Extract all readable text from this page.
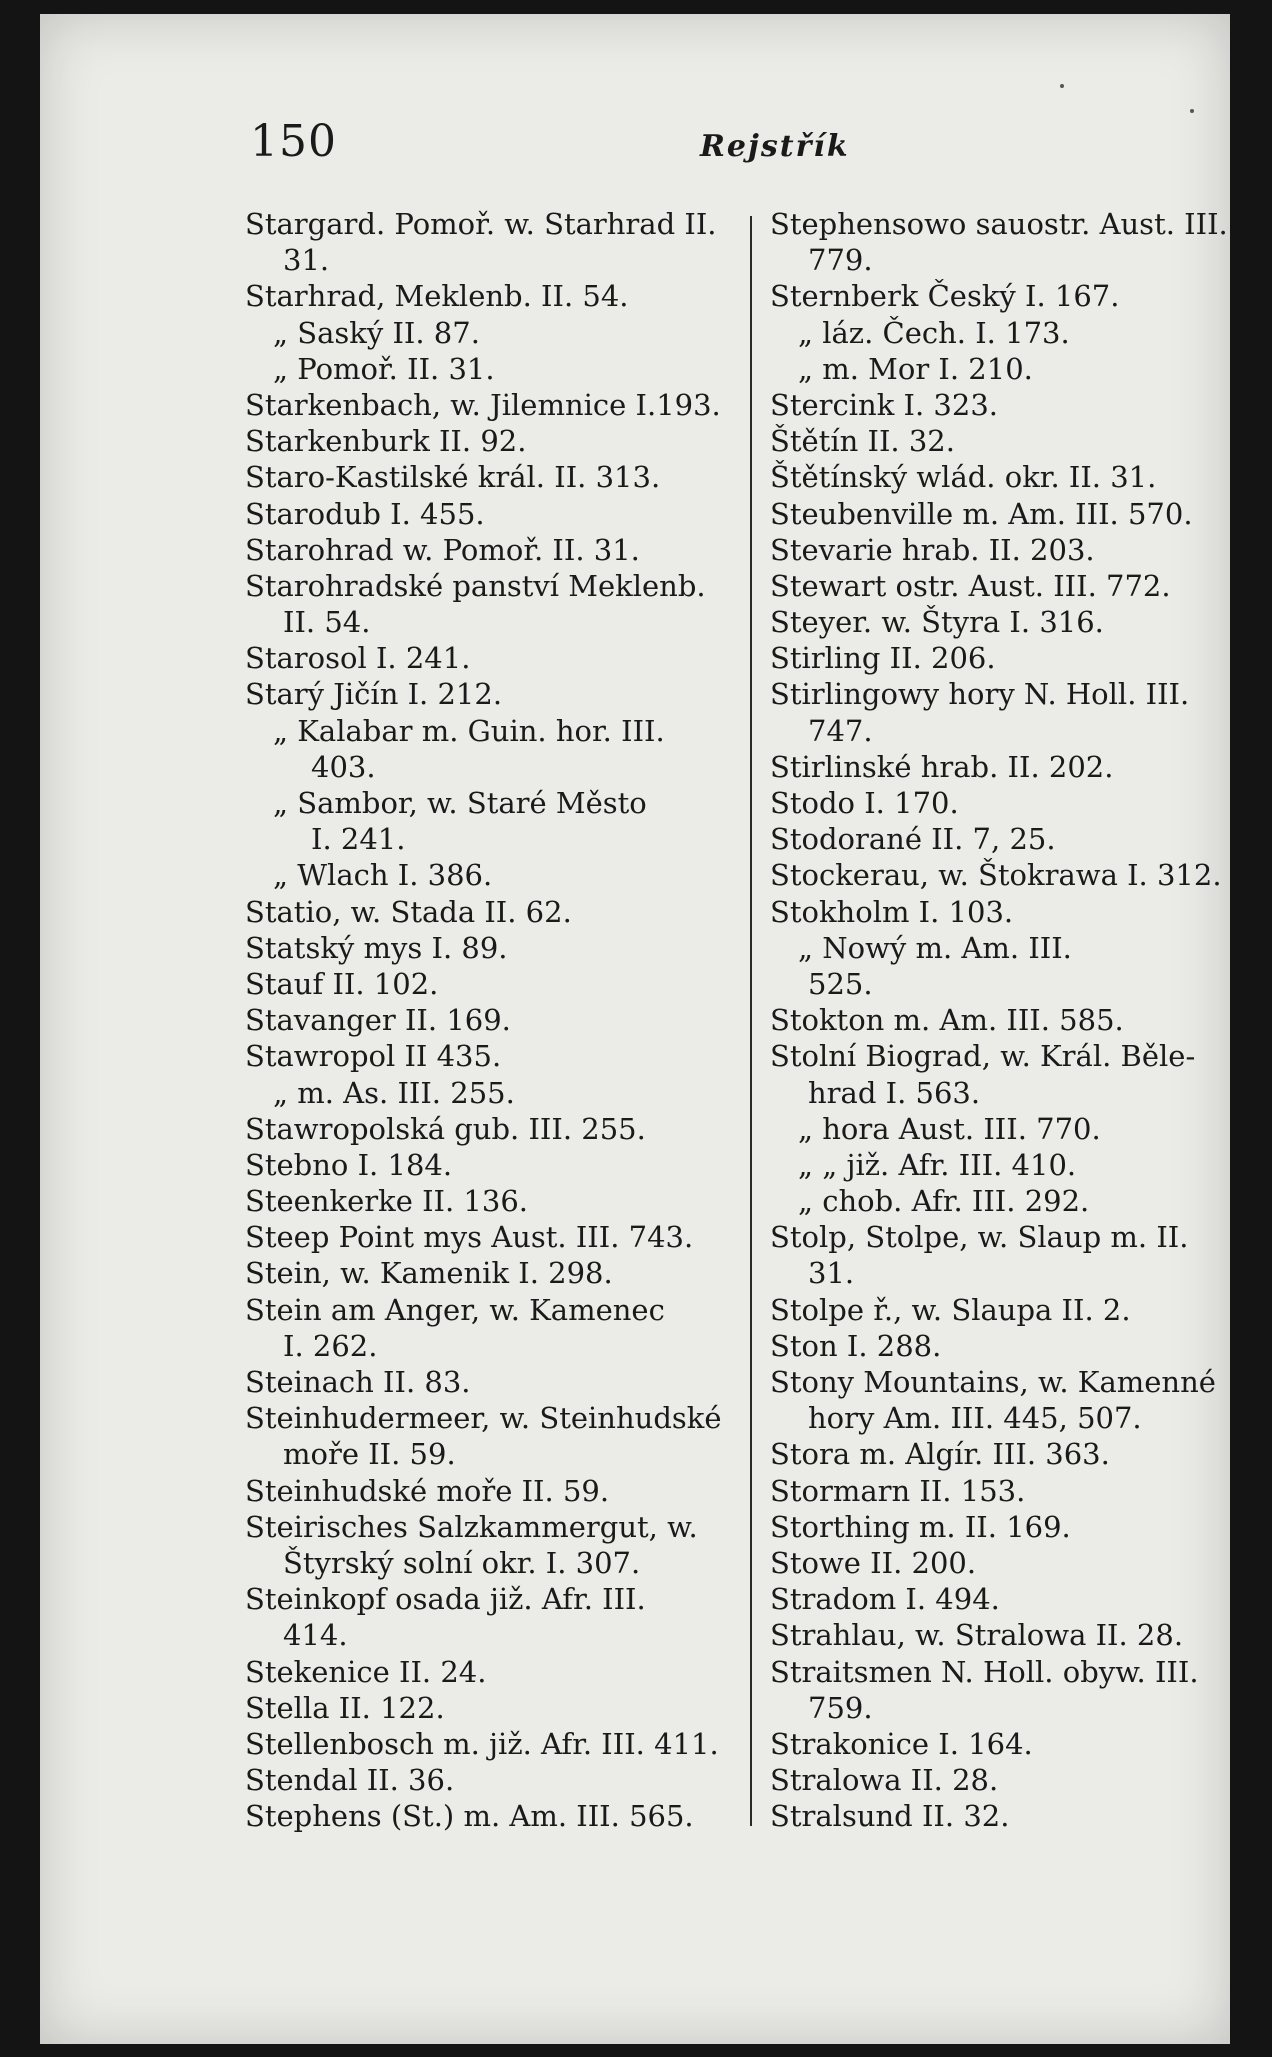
150	Rejstřík
Stargard. Pomoř. w. Starhrad II.
31.
Starhrad, Meklenb. II. 54.
„ Saský II. 87.
„ Pomoř. II. 31.
Starkenbach, w. Jilemnice I.193.
Starkenburk II. 92.
Staro-Kastilské král. II. 313.
Starodub I. 455.
Starohrad w. Pomoř. II. 31.
Starohradské panství Meklenb.
II. 54.
Starosol I. 241.
Starý Jičín I. 212.
„ Kalabar m. Guin. hor. III.
403.
„ Sambor, w. Staré Město
I. 241.
„ Wlach I. 386.
Statio, w. Stada II. 62.
Statský mys I. 89.
Stauf II. 102.
Stavanger II. 169.
Stawropol II 435.
„ m. As. III. 255.
Stawropolská gub. III. 255.
Stebno I. 184.
Steenkerke II. 136.
Steep Point mys Aust. III. 743.
Stein, w. Kamenik I. 298.
Stein am Anger, w. Kamenec
I. 262.
Steinach II. 83.
Steinhudermeer, w. Steinhudské
moře II. 59.
Steinhudské moře II. 59.
Steirisches Salzkammergut, w.
Štyrský solní okr. I. 307.
Steinkopf osada již. Afr. III.
414.
Stekenice II. 24.
Stella II. 122.
Stellenbosch m. již. Afr. III. 411.
Stendal II. 36.
Stephens (St.) m. Am. III. 565.
Stephensowo sauostr. Aust. III.
779.
Sternberk Český I. 167.
„ láz. Čech. I. 173.
„ m. Mor I. 210.
Stercink I. 323.
Štětín II. 32.
Štětínský wlád. okr. II. 31.
Steubenville m. Am. III. 570.
Stevarie hrab. II. 203.
Stewart ostr. Aust. III. 772.
Steyer. w. Štyra I. 316.
Stirling II. 206.
Stirlingowy hory N. Holl. III.
747.
Stirlinské hrab. II. 202.
Stodo I. 170.
Stodorané II. 7, 25.
Stockerau, w. Štokrawa I. 312.
Stokholm I. 103.
„ Nowý m. Am. III.
525.
Stokton m. Am. III. 585.
Stolní Biograd, w. Král. Běle-
hrad I. 563.
„ hora Aust. III. 770.
„ „ již. Afr. III. 410.
„ chob. Afr. III. 292.
Stolp, Stolpe, w. Slaup m. II.
31.
Stolpe ř., w. Slaupa II. 2.
Ston I. 288.
Stony Mountains, w. Kamenné
hory Am. III. 445, 507.
Stora m. Algír. III. 363.
Stormarn II. 153.
Storthing m. II. 169.
Stowe II. 200.
Stradom I. 494.
Strahlau, w. Stralowa II. 28.
Straitsmen N. Holl. obyw. III.
759.
Strakonice I. 164.
Stralowa II. 28.
Stralsund II. 32.
